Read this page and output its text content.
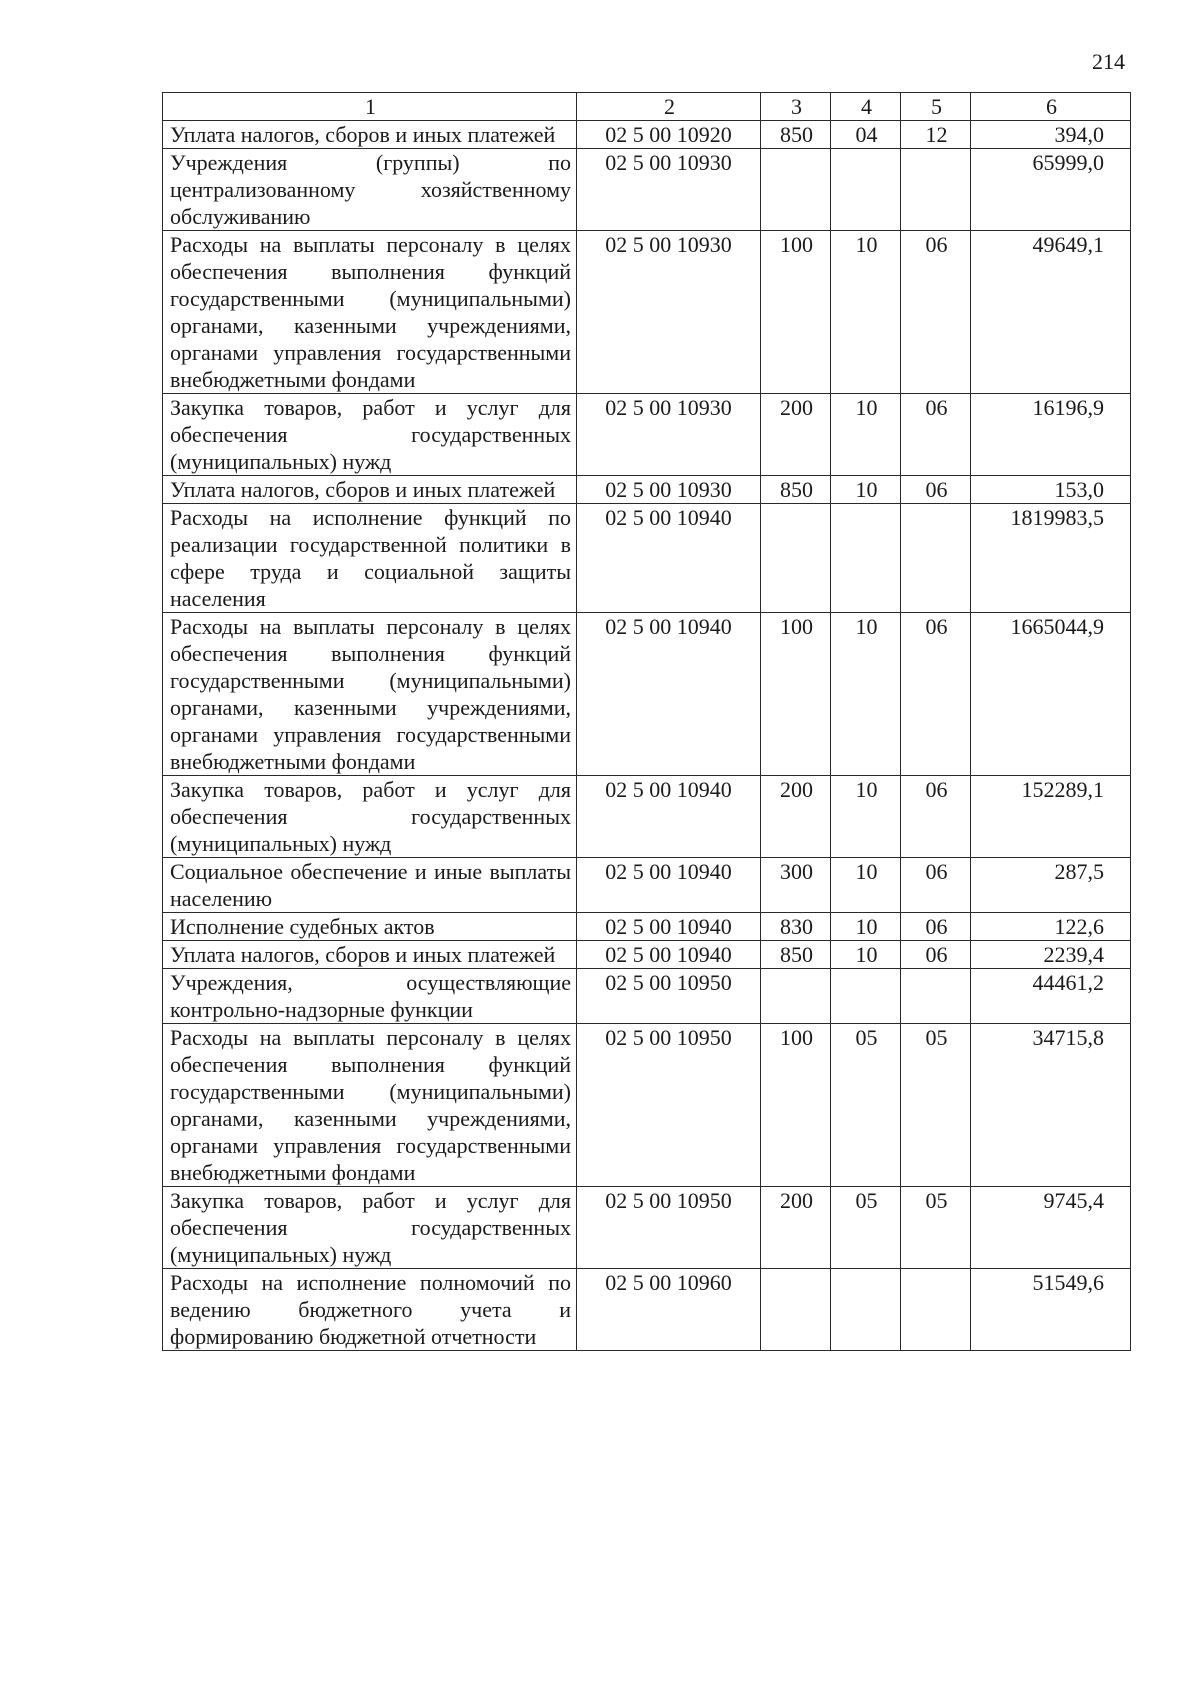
214
1	2	3	4	5	6
Уплата налогов, сборов и иных платежей	02 5 00 10920	850	04	12	394,0
Учреждения (группы) по централизованному хозяйственному обслуживанию	02 5 00 10930				65999,0
Расходы на выплаты персоналу в целях обеспечения выполнения функций государственными (муниципальными) органами, казенными учреждениями, органами управления государственными внебюджетными фондами	02 5 00 10930	100	10	06	49649,1
Закупка товаров, работ и услуг для обеспечения государственных (муниципальных) нужд	02 5 00 10930	200	10	06	16196,9
Уплата налогов, сборов и иных платежей	02 5 00 10930	850	10	06	153,0
Расходы на исполнение функций по реализации государственной политики в сфере труда и социальной защиты населения	02 5 00 10940				1819983,5
Расходы на выплаты персоналу в целях обеспечения выполнения функций государственными (муниципальными) органами, казенными учреждениями, органами управления государственными внебюджетными фондами	02 5 00 10940	100	10	06	1665044,9
Закупка товаров, работ и услуг для обеспечения государственных (муниципальных) нужд	02 5 00 10940	200	10	06	152289,1
Социальное обеспечение и иные выплаты населению	02 5 00 10940	300	10	06	287,5
Исполнение судебных актов	02 5 00 10940	830	10	06	122,6
Уплата налогов, сборов и иных платежей	02 5 00 10940	850	10	06	2239,4
Учреждения, осуществляющие контрольно-надзорные функции	02 5 00 10950				44461,2
Расходы на выплаты персоналу в целях обеспечения выполнения функций государственными (муниципальными) органами, казенными учреждениями, органами управления государственными внебюджетными фондами	02 5 00 10950	100	05	05	34715,8
Закупка товаров, работ и услуг для обеспечения государственных (муниципальных) нужд	02 5 00 10950	200	05	05	9745,4
Расходы на исполнение полномочий по ведению бюджетного учета и формированию бюджетной отчетности	02 5 00 10960				51549,6
